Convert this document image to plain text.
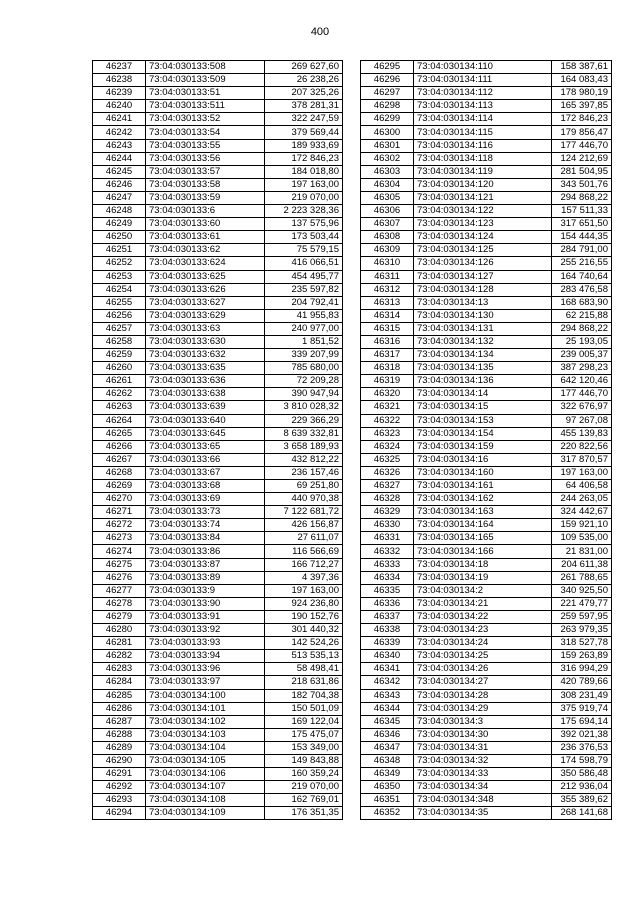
400
46237	73:04:030133:508	269 627,60
46238	73:04:030133:509	26 238,26
46239	73:04:030133:51	207 325,26
46240	73:04:030133:511	378 281,31
46241	73:04:030133:52	322 247,59
46242	73:04:030133:54	379 569,44
46243	73:04:030133:55	189 933,69
46244	73:04:030133:56	172 846,23
46245	73:04:030133:57	184 018,80
46246	73:04:030133:58	197 163,00
46247	73:04:030133:59	219 070,00
46248	73:04:030133:6	2 223 328,36
46249	73:04:030133:60	137 575,96
46250	73:04:030133:61	173 503,44
46251	73:04:030133:62	75 579,15
46252	73:04:030133:624	416 066,51
46253	73:04:030133:625	454 495,77
46254	73:04:030133:626	235 597,82
46255	73:04:030133:627	204 792,41
46256	73:04:030133:629	41 955,83
46257	73:04:030133:63	240 977,00
46258	73:04:030133:630	1 851,52
46259	73:04:030133:632	339 207,99
46260	73:04:030133:635	785 680,00
46261	73:04:030133:636	72 209,28
46262	73:04:030133:638	390 947,94
46263	73:04:030133:639	3 810 028,32
46264	73:04:030133:640	229 366,29
46265	73:04:030133:645	8 639 332,81
46266	73:04:030133:65	3 658 189,93
46267	73:04:030133:66	432 812,22
46268	73:04:030133:67	236 157,46
46269	73:04:030133:68	69 251,80
46270	73:04:030133:69	440 970,38
46271	73:04:030133:73	7 122 681,72
46272	73:04:030133:74	426 156,87
46273	73:04:030133:84	27 611,07
46274	73:04:030133:86	116 566,69
46275	73:04:030133:87	166 712,27
46276	73:04:030133:89	4 397,36
46277	73:04:030133:9	197 163,00
46278	73:04:030133:90	924 236,80
46279	73:04:030133:91	190 152,76
46280	73:04:030133:92	301 440,32
46281	73:04:030133:93	142 524,26
46282	73:04:030133:94	513 535,13
46283	73:04:030133:96	58 498,41
46284	73:04:030133:97	218 631,86
46285	73:04:030134:100	182 704,38
46286	73:04:030134:101	150 501,09
46287	73:04:030134:102	169 122,04
46288	73:04:030134:103	175 475,07
46289	73:04:030134:104	153 349,00
46290	73:04:030134:105	149 843,88
46291	73:04:030134:106	160 359,24
46292	73:04:030134:107	219 070,00
46293	73:04:030134:108	162 769,01
46294	73:04:030134:109	176 351,35
46295	73:04:030134:110	158 387,61
46296	73:04:030134:111	164 083,43
46297	73:04:030134:112	178 980,19
46298	73:04:030134:113	165 397,85
46299	73:04:030134:114	172 846,23
46300	73:04:030134:115	179 856,47
46301	73:04:030134:116	177 446,70
46302	73:04:030134:118	124 212,69
46303	73:04:030134:119	281 504,95
46304	73:04:030134:120	343 501,76
46305	73:04:030134:121	294 868,22
46306	73:04:030134:122	157 511,33
46307	73:04:030134:123	317 651,50
46308	73:04:030134:124	154 444,35
46309	73:04:030134:125	284 791,00
46310	73:04:030134:126	255 216,55
46311	73:04:030134:127	164 740,64
46312	73:04:030134:128	283 476,58
46313	73:04:030134:13	168 683,90
46314	73:04:030134:130	62 215,88
46315	73:04:030134:131	294 868,22
46316	73:04:030134:132	25 193,05
46317	73:04:030134:134	239 005,37
46318	73:04:030134:135	387 298,23
46319	73:04:030134:136	642 120,46
46320	73:04:030134:14	177 446,70
46321	73:04:030134:15	322 676,97
46322	73:04:030134:153	97 267,08
46323	73:04:030134:154	455 139,83
46324	73:04:030134:159	220 822,56
46325	73:04:030134:16	317 870,57
46326	73:04:030134:160	197 163,00
46327	73:04:030134:161	64 406,58
46328	73:04:030134:162	244 263,05
46329	73:04:030134:163	324 442,67
46330	73:04:030134:164	159 921,10
46331	73:04:030134:165	109 535,00
46332	73:04:030134:166	21 831,00
46333	73:04:030134:18	204 611,38
46334	73:04:030134:19	261 788,65
46335	73:04:030134:2	340 925,50
46336	73:04:030134:21	221 479,77
46337	73:04:030134:22	259 597,95
46338	73:04:030134:23	263 979,35
46339	73:04:030134:24	318 527,78
46340	73:04:030134:25	159 263,89
46341	73:04:030134:26	316 994,29
46342	73:04:030134:27	420 789,66
46343	73:04:030134:28	308 231,49
46344	73:04:030134:29	375 919,74
46345	73:04:030134:3	175 694,14
46346	73:04:030134:30	392 021,38
46347	73:04:030134:31	236 376,53
46348	73:04:030134:32	174 598,79
46349	73:04:030134:33	350 586,48
46350	73:04:030134:34	212 936,04
46351	73:04:030134:348	355 389,62
46352	73:04:030134:35	268 141,68
